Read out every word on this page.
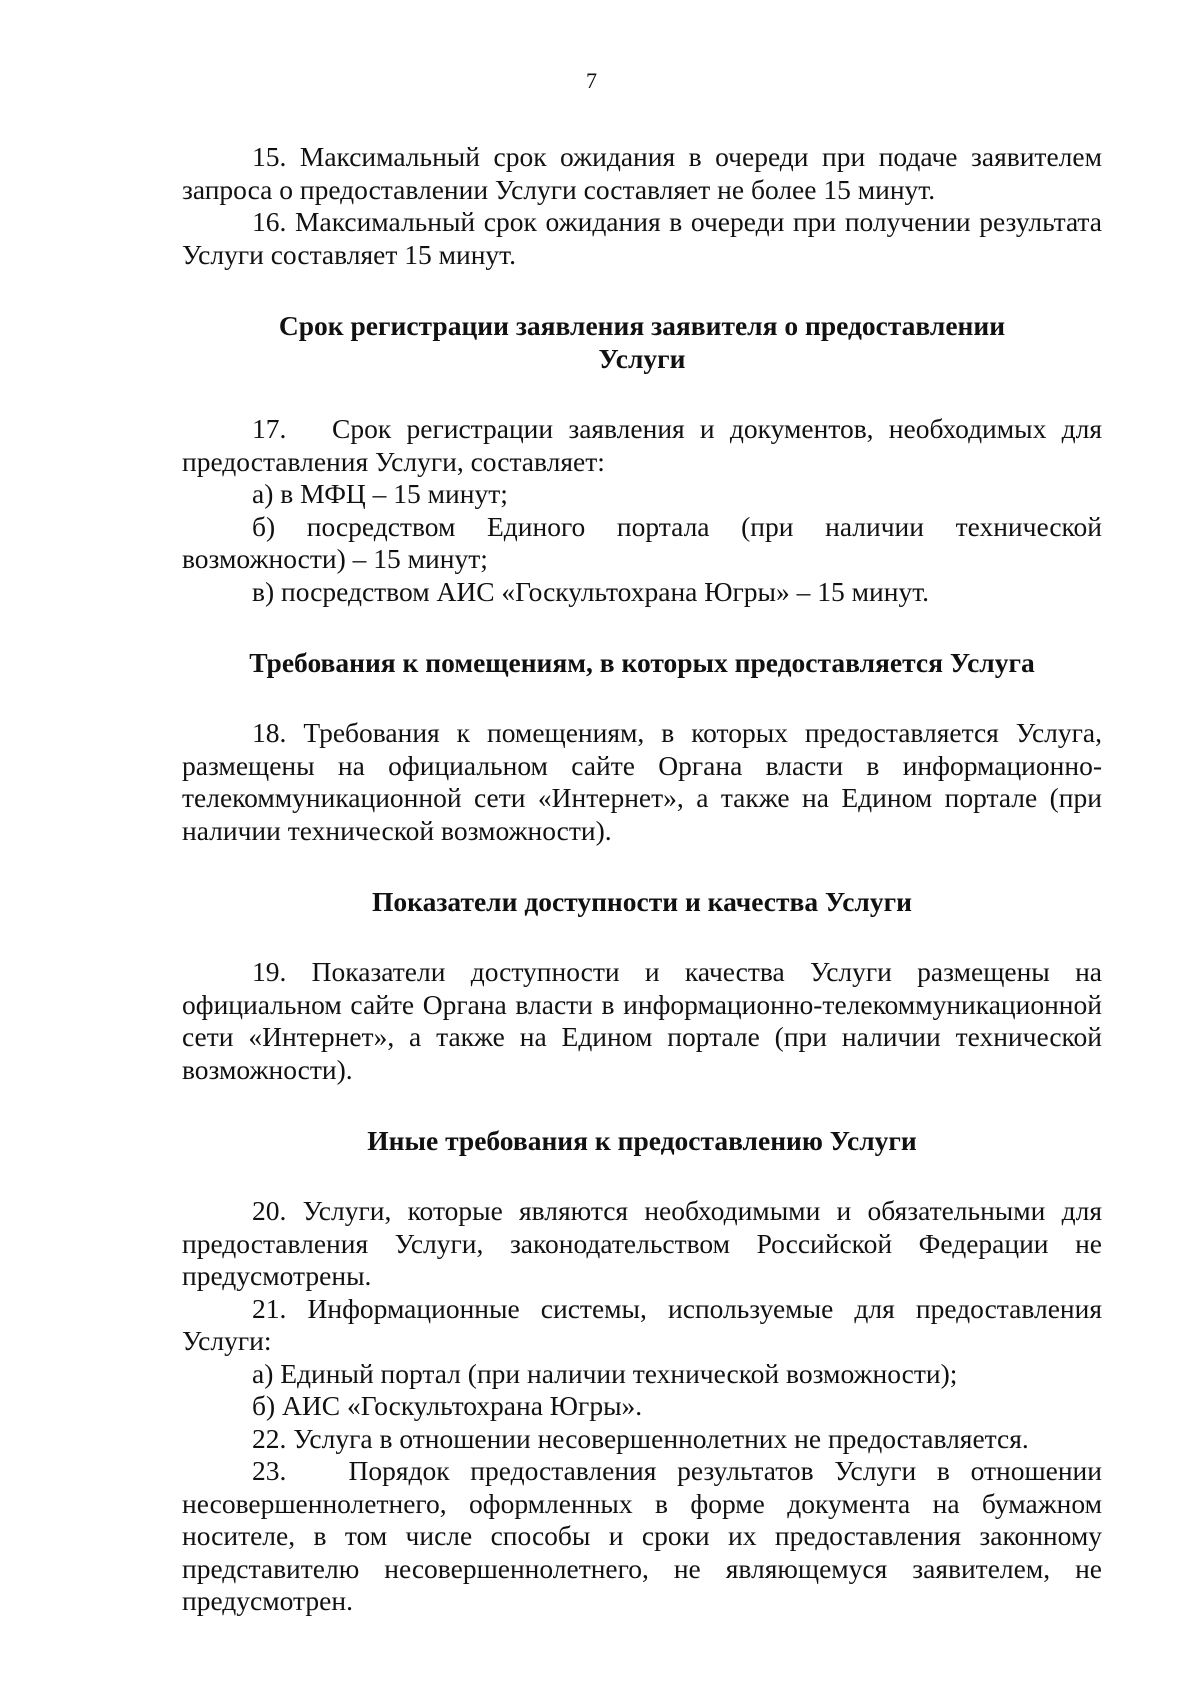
7

15. Максимальный срок ожидания в очереди при подаче заявителем запроса о предоставлении Услуги составляет не более 15 минут.

16. Максимальный срок ожидания в очереди при получении результата Услуги составляет 15 минут.

Срок регистрации заявления заявителя о предоставлении
Услуги

17.   Срок регистрации заявления и документов, необходимых для предоставления Услуги, составляет:

а) в МФЦ – 15 минут;

б) посредством Единого портала (при наличии технической возможности) – 15 минут;

в) посредством АИС «Госкультохрана Югры» – 15 минут.

Требования к помещениям, в которых предоставляется Услуга

18. Требования к помещениям, в которых предоставляется Услуга, размещены на официальном сайте Органа власти в информационно-телекоммуникационной сети «Интернет», а также на Едином портале (при наличии технической возможности).

Показатели доступности и качества Услуги

19. Показатели доступности и качества Услуги размещены на официальном сайте Органа власти в информационно-телекоммуникационной сети «Интернет», а также на Едином портале (при наличии технической возможности).

Иные требования к предоставлению Услуги

20. Услуги, которые являются необходимыми и обязательными для предоставления Услуги, законодательством Российской Федерации не предусмотрены.

21. Информационные системы, используемые для предоставления Услуги:

а) Единый портал (при наличии технической возможности);

б) АИС «Госкультохрана Югры».

22. Услуга в отношении несовершеннолетних не предоставляется.

23.   Порядок предоставления результатов Услуги в отношении несовершеннолетнего, оформленных в форме документа на бумажном носителе, в том числе способы и сроки их предоставления законному представителю несовершеннолетнего, не являющемуся заявителем, не предусмотрен.
